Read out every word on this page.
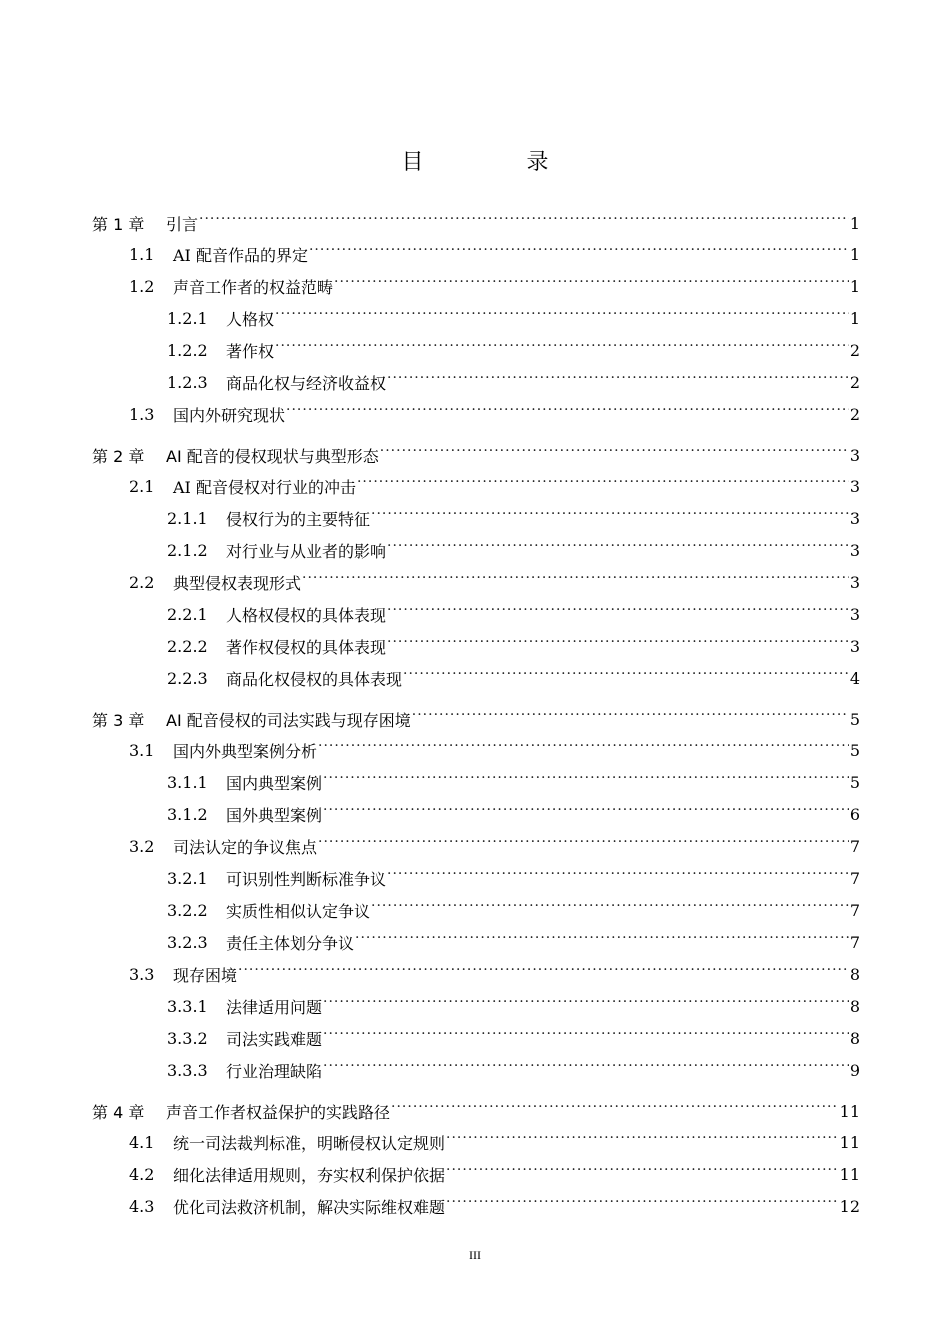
目 录
第 1 章	引言 ·····	1
1.1	AI 配音作品的界定 ·····	1
1.2	声音工作者的权益范畴 ·····	1
1.2.1	人格权 ·····	1
1.2.2	著作权 ·····	2
1.2.3	商品化权与经济收益权 ·····	2
1.3	国内外研究现状 ·····	2
第 2 章	AI 配音的侵权现状与典型形态 ·····	3
2.1	AI 配音侵权对行业的冲击 ·····	3
2.1.1	侵权行为的主要特征 ·····	3
2.1.2	对行业与从业者的影响 ·····	3
2.2	典型侵权表现形式 ·····	3
2.2.1	人格权侵权的具体表现 ·····	3
2.2.2	著作权侵权的具体表现 ·····	3
2.2.3	商品化权侵权的具体表现 ·····	4
第 3 章	AI 配音侵权的司法实践与现存困境 ·····	5
3.1	国内外典型案例分析 ·····	5
3.1.1	国内典型案例 ·····	5
3.1.2	国外典型案例 ·····	6
3.2	司法认定的争议焦点 ·····	7
3.2.1	可识别性判断标准争议 ·····	7
3.2.2	实质性相似认定争议 ·····	7
3.2.3	责任主体划分争议 ·····	7
3.3	现存困境 ·····	8
3.3.1	法律适用问题 ·····	8
3.3.2	司法实践难题 ·····	8
3.3.3	行业治理缺陷 ·····	9
第 4 章	声音工作者权益保护的实践路径 ·····	11
4.1	统一司法裁判标准，明晰侵权认定规则 ·····	11
4.2	细化法律适用规则，夯实权利保护依据 ·····	11
4.3	优化司法救济机制，解决实际维权难题 ·····	12
III
